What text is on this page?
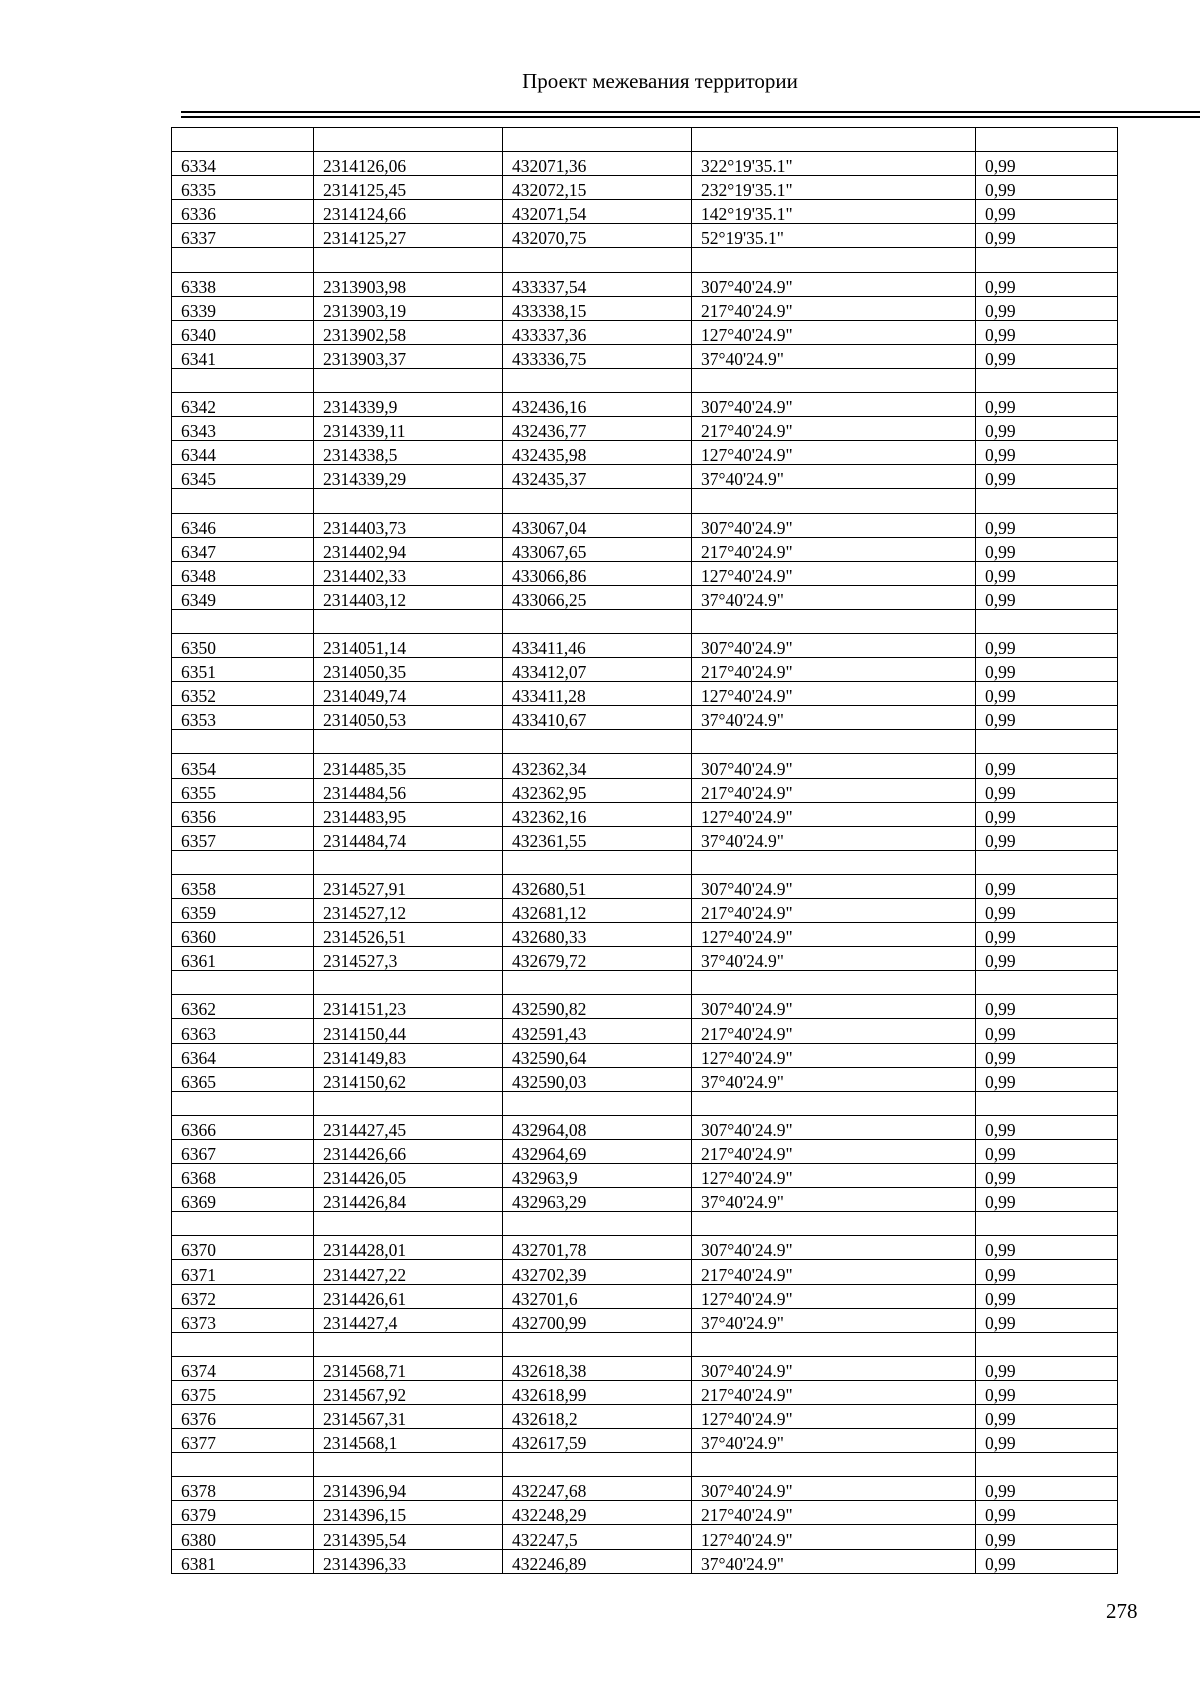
Проект межевания территории

6334	2314126,06	432071,36	322°19'35.1"	0,99
6335	2314125,45	432072,15	232°19'35.1"	0,99
6336	2314124,66	432071,54	142°19'35.1"	0,99
6337	2314125,27	432070,75	52°19'35.1"	0,99

6338	2313903,98	433337,54	307°40'24.9"	0,99
6339	2313903,19	433338,15	217°40'24.9"	0,99
6340	2313902,58	433337,36	127°40'24.9"	0,99
6341	2313903,37	433336,75	37°40'24.9"	0,99

6342	2314339,9	432436,16	307°40'24.9"	0,99
6343	2314339,11	432436,77	217°40'24.9"	0,99
6344	2314338,5	432435,98	127°40'24.9"	0,99
6345	2314339,29	432435,37	37°40'24.9"	0,99

6346	2314403,73	433067,04	307°40'24.9"	0,99
6347	2314402,94	433067,65	217°40'24.9"	0,99
6348	2314402,33	433066,86	127°40'24.9"	0,99
6349	2314403,12	433066,25	37°40'24.9"	0,99

6350	2314051,14	433411,46	307°40'24.9"	0,99
6351	2314050,35	433412,07	217°40'24.9"	0,99
6352	2314049,74	433411,28	127°40'24.9"	0,99
6353	2314050,53	433410,67	37°40'24.9"	0,99

6354	2314485,35	432362,34	307°40'24.9"	0,99
6355	2314484,56	432362,95	217°40'24.9"	0,99
6356	2314483,95	432362,16	127°40'24.9"	0,99
6357	2314484,74	432361,55	37°40'24.9"	0,99

6358	2314527,91	432680,51	307°40'24.9"	0,99
6359	2314527,12	432681,12	217°40'24.9"	0,99
6360	2314526,51	432680,33	127°40'24.9"	0,99
6361	2314527,3	432679,72	37°40'24.9"	0,99

6362	2314151,23	432590,82	307°40'24.9"	0,99
6363	2314150,44	432591,43	217°40'24.9"	0,99
6364	2314149,83	432590,64	127°40'24.9"	0,99
6365	2314150,62	432590,03	37°40'24.9"	0,99

6366	2314427,45	432964,08	307°40'24.9"	0,99
6367	2314426,66	432964,69	217°40'24.9"	0,99
6368	2314426,05	432963,9	127°40'24.9"	0,99
6369	2314426,84	432963,29	37°40'24.9"	0,99

6370	2314428,01	432701,78	307°40'24.9"	0,99
6371	2314427,22	432702,39	217°40'24.9"	0,99
6372	2314426,61	432701,6	127°40'24.9"	0,99
6373	2314427,4	432700,99	37°40'24.9"	0,99

6374	2314568,71	432618,38	307°40'24.9"	0,99
6375	2314567,92	432618,99	217°40'24.9"	0,99
6376	2314567,31	432618,2	127°40'24.9"	0,99
6377	2314568,1	432617,59	37°40'24.9"	0,99

6378	2314396,94	432247,68	307°40'24.9"	0,99
6379	2314396,15	432248,29	217°40'24.9"	0,99
6380	2314395,54	432247,5	127°40'24.9"	0,99
6381	2314396,33	432246,89	37°40'24.9"	0,99
278
